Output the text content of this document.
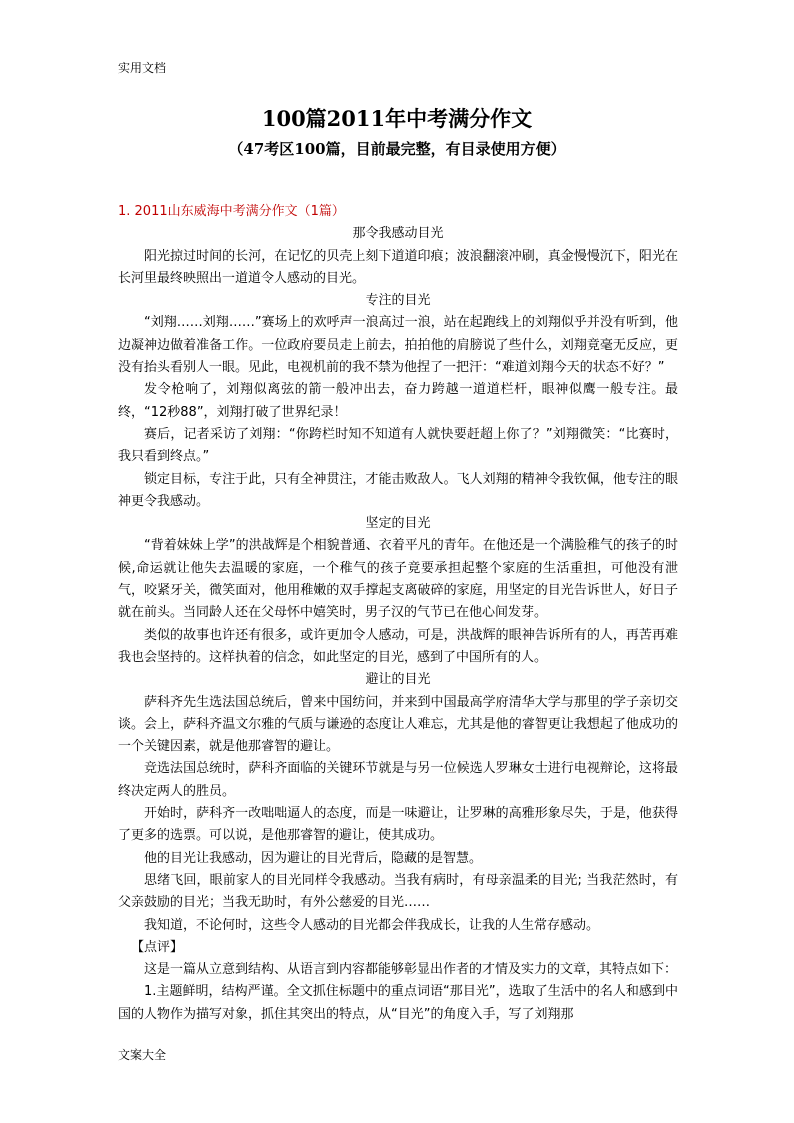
实用文档
100篇2011年中考满分作文
（47考区100篇，目前最完整，有目录使用方便）

1. 2011山东威海中考满分作文（1篇）

那令我感动目光

阳光掠过时间的长河，在记忆的贝壳上刻下道道印痕；波浪翻滚冲刷，真金慢慢沉下，阳光在长河里最终映照出一道道令人感动的目光。

专注的目光

“刘翔……刘翔……”赛场上的欢呼声一浪高过一浪，站在起跑线上的刘翔似乎并没有听到，他边凝神边做着准备工作。一位政府要员走上前去，拍拍他的肩膀说了些什么，刘翔竟毫无反应，更没有抬头看别人一眼。见此，电视机前的我不禁为他捏了一把汗：“难道刘翔今天的状态不好？”

发令枪响了，刘翔似离弦的箭一般冲出去，奋力跨越一道道栏杆，眼神似鹰一般专注。最终，“12秒88”，刘翔打破了世界纪录！

赛后，记者采访了刘翔：“你跨栏时知不知道有人就快要赶超上你了？”刘翔微笑：“比赛时，我只看到终点。”

锁定目标，专注于此，只有全神贯注，才能击败敌人。飞人刘翔的精神令我钦佩，他专注的眼神更令我感动。

坚定的目光

“背着妹妹上学”的洪战辉是个相貌普通、衣着平凡的青年。在他还是一个满脸稚气的孩子的时候,命运就让他失去温暖的家庭，一个稚气的孩子竟要承担起整个家庭的生活重担，可他没有泄气，咬紧牙关，微笑面对，他用稚嫩的双手撑起支离破碎的家庭，用坚定的目光告诉世人，好日子就在前头。当同龄人还在父母怀中嬉笑时，男子汉的气节已在他心间发芽。

类似的故事也许还有很多，或许更加令人感动，可是，洪战辉的眼神告诉所有的人，再苦再难我也会坚持的。这样执着的信念，如此坚定的目光，感到了中国所有的人。

避让的目光

萨科齐先生选法国总统后，曾来中国纺问，并来到中国最高学府清华大学与那里的学子亲切交谈。会上，萨科齐温文尔雅的气质与谦逊的态度让人难忘，尤其是他的睿智更让我想起了他成功的一个关键因素，就是他那睿智的避让。

竞选法国总统时，萨科齐面临的关键环节就是与另一位候选人罗琳女士进行电视辩论，这将最终决定两人的胜员。

开始时，萨科齐一改咄咄逼人的态度，而是一味避让，让罗琳的高雅形象尽失，于是，他获得了更多的选票。可以说，是他那睿智的避让，使其成功。

他的目光让我感动，因为避让的目光背后，隐藏的是智慧。

思绪飞回，眼前家人的目光同样令我感动。当我有病时，有母亲温柔的目光; 当我茫然时，有父亲鼓励的目光；当我无助时，有外公慈爱的目光……

我知道，不论何时，这些令人感动的目光都会伴我成长，让我的人生常存感动。

【点评】

这是一篇从立意到结构、从语言到内容都能够彰显出作者的才情及实力的文章，其特点如下：

1.主题鲜明，结构严谨。全文抓住标题中的重点词语“那目光”，选取了生活中的名人和感到中国的人物作为描写对象，抓住其突出的特点，从“目光”的角度入手，写了刘翔那

文案大全
